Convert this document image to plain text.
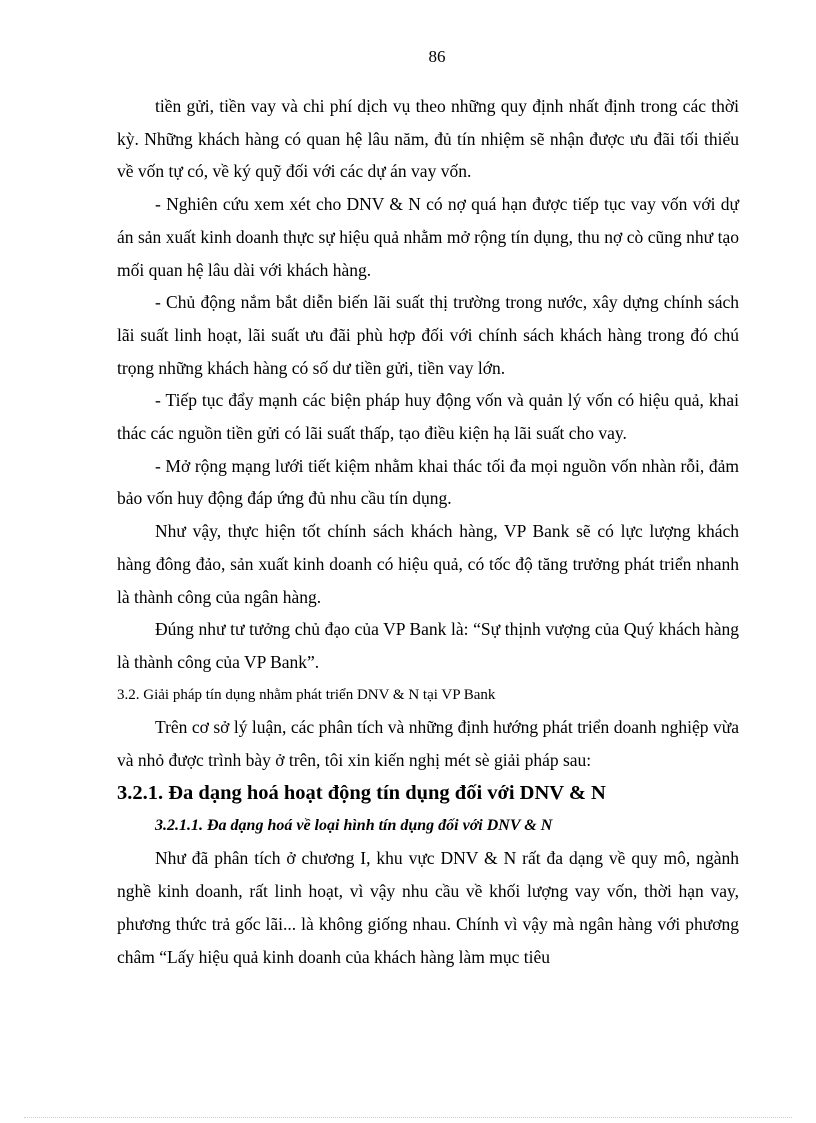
86

tiền gửi, tiền vay và chi phí dịch vụ theo những quy định nhất định trong các thời kỳ. Những khách hàng có quan hệ lâu năm, đủ tín nhiệm sẽ nhận được ưu đãi tối thiểu về vốn tự có, về ký quỹ đối với các dự án vay vốn.

- Nghiên cứu xem xét cho DNV & N có nợ quá hạn được tiếp tục vay vốn với dự án sản xuất kinh doanh thực sự hiệu quả nhằm mở rộng tín dụng, thu nợ cò cũng như tạo mối quan hệ lâu dài với khách hàng.

- Chủ động nắm bắt diễn biến lãi suất thị trường trong nước, xây dựng chính sách lãi suất linh hoạt, lãi suất ưu đãi phù hợp đối với chính sách khách hàng trong đó chú trọng những khách hàng có số dư tiền gửi, tiền vay lớn.

- Tiếp tục đẩy mạnh các biện pháp huy động vốn và quản lý vốn có hiệu quả, khai thác các nguồn tiền gửi có lãi suất thấp, tạo điều kiện hạ lãi suất cho vay.

- Mở rộng mạng lưới tiết kiệm nhằm khai thác tối đa mọi nguồn vốn nhàn rỗi, đảm bảo vốn huy động đáp ứng đủ nhu cầu tín dụng.

Như vậy, thực hiện tốt chính sách khách hàng, VP Bank sẽ có lực lượng khách hàng đông đảo, sản xuất kinh doanh có hiệu quả, có tốc độ tăng trưởng phát triển nhanh là thành công của ngân hàng.

Đúng như tư tưởng chủ đạo của VP Bank là: “Sự thịnh vượng của Quý khách hàng là thành công của VP Bank”.

3.2. Giải pháp tín dụng nhằm phát triển DNV & N tại VP Bank

Trên cơ sở lý luận, các phân tích và những định hướng phát triển doanh nghiệp vừa và nhỏ được trình bày ở trên, tôi xin kiến nghị mét sè giải pháp sau:

3.2.1. Đa dạng hoá hoạt động tín dụng đối với DNV & N

3.2.1.1. Đa dạng hoá về loại hình tín dụng đối với DNV & N

Như đã phân tích ở chương I, khu vực DNV & N rất đa dạng về quy mô, ngành nghề kinh doanh, rất linh hoạt, vì vậy nhu cầu về khối lượng vay vốn, thời hạn vay, phương thức trả gốc lãi... là không giống nhau. Chính vì vậy mà ngân hàng với phương châm “Lấy hiệu quả kinh doanh của khách hàng làm mục tiêu
